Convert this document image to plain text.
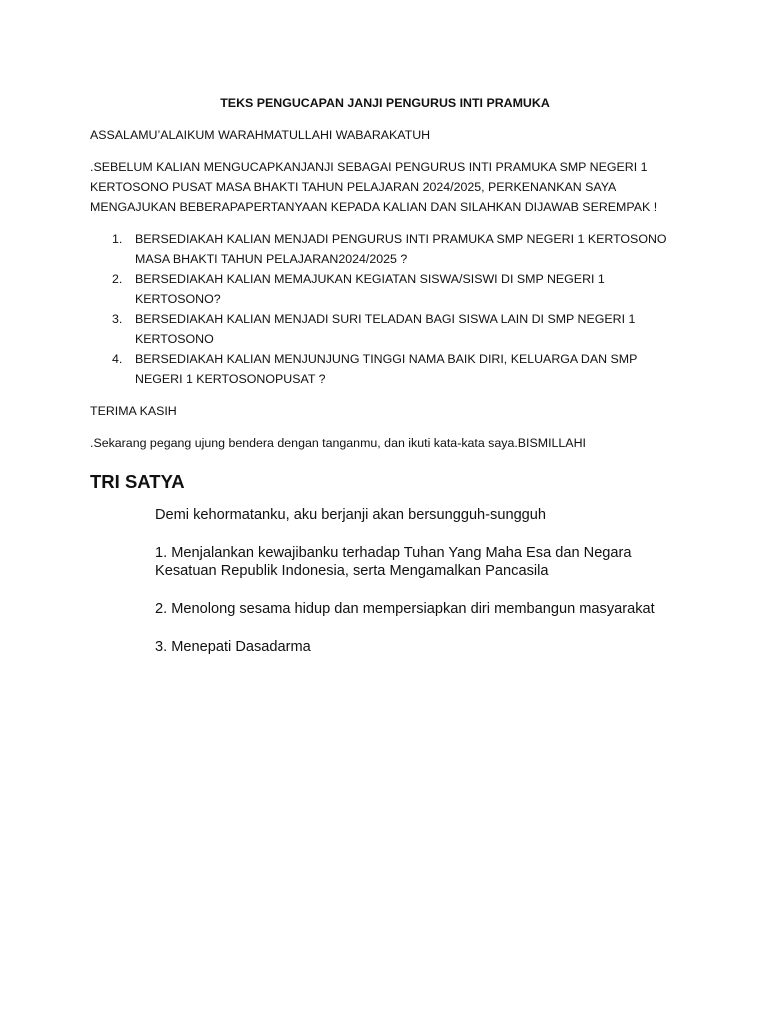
TEKS PENGUCAPAN JANJI PENGURUS INTI PRAMUKA

ASSALAMU’ALAIKUM WARAHMATULLAHI WABARAKATUH

.SEBELUM KALIAN MENGUCAPKANJANJI SEBAGAI PENGURUS INTI PRAMUKA SMP NEGERI 1 KERTOSONO PUSAT MASA BHAKTI TAHUN PELAJARAN 2024/2025, PERKENANKAN SAYA MENGAJUKAN BEBERAPAPERTANYAAN KEPADA KALIAN DAN SILAHKAN DIJAWAB SEREMPAK !

1. BERSEDIAKAH KALIAN MENJADI PENGURUS INTI PRAMUKA SMP NEGERI 1 KERTOSONO MASA BHAKTI TAHUN PELAJARAN2024/2025 ?
2. BERSEDIAKAH KALIAN MEMAJUKAN KEGIATAN SISWA/SISWI DI SMP NEGERI 1 KERTOSONO?
3. BERSEDIAKAH KALIAN MENJADI SURI TELADAN BAGI SISWA LAIN DI SMP NEGERI 1 KERTOSONO
4. BERSEDIAKAH KALIAN MENJUNJUNG TINGGI NAMA BAIK DIRI, KELUARGA DAN SMP NEGERI 1 KERTOSONOPUSAT ?

TERIMA KASIH

.Sekarang pegang ujung bendera dengan tanganmu, dan ikuti kata-kata saya.BISMILLAHI

TRI SATYA

Demi kehormatanku, aku berjanji akan bersungguh-sungguh

1. Menjalankan kewajibanku terhadap Tuhan Yang Maha Esa dan Negara Kesatuan Republik Indonesia, serta Mengamalkan Pancasila

2. Menolong sesama hidup dan mempersiapkan diri membangun masyarakat

3. Menepati Dasadarma
